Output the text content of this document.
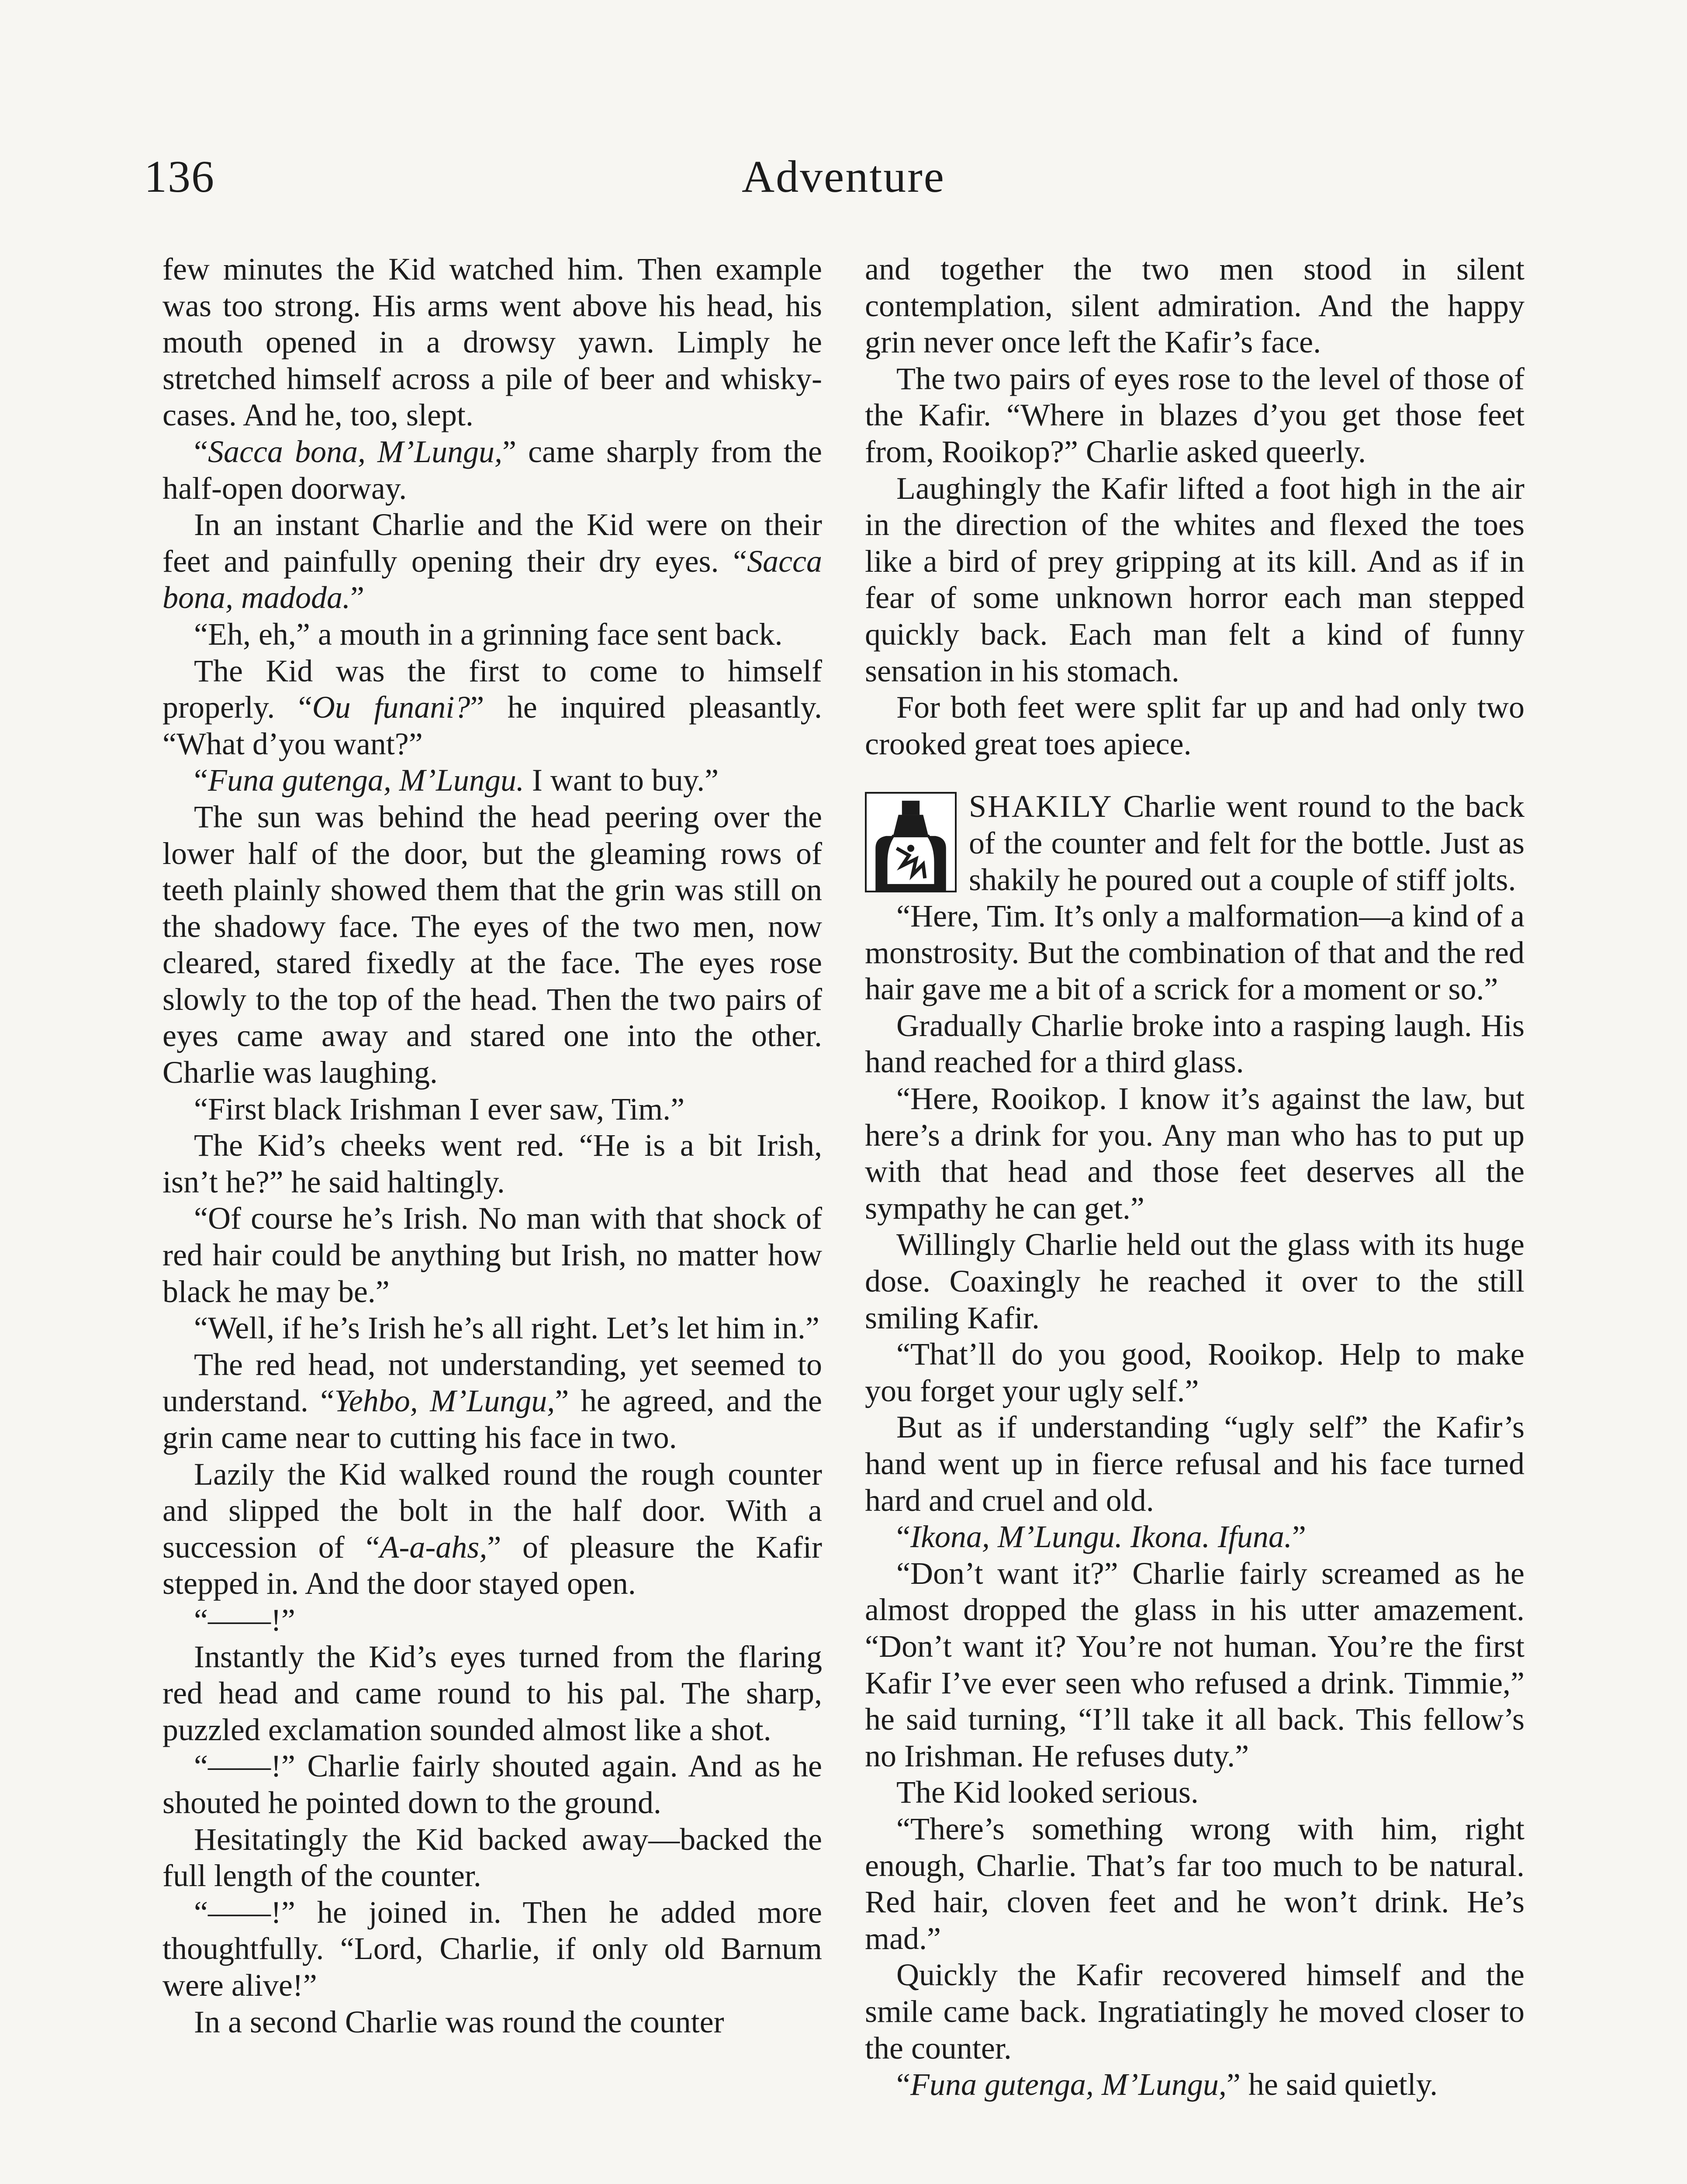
136	Adventure

few minutes the Kid watched him. Then example was too strong. His arms went above his head, his mouth opened in a drowsy yawn. Limply he stretched himself across a pile of beer and whisky-cases. And he, too, slept.

“Sacca bona, M’Lungu,” came sharply from the half-open doorway.

In an instant Charlie and the Kid were on their feet and painfully opening their dry eyes. “Sacca bona, madoda.”

“Eh, eh,” a mouth in a grinning face sent back.

The Kid was the first to come to himself properly. “Ou funani?” he inquired pleasantly. “What d’you want?”

“Funa gutenga, M’Lungu. I want to buy.”

The sun was behind the head peering over the lower half of the door, but the gleaming rows of teeth plainly showed them that the grin was still on the shadowy face. The eyes of the two men, now cleared, stared fixedly at the face. The eyes rose slowly to the top of the head. Then the two pairs of eyes came away and stared one into the other. Charlie was laughing.

“First black Irishman I ever saw, Tim.”

The Kid’s cheeks went red. “He is a bit Irish, isn’t he?” he said haltingly.

“Of course he’s Irish. No man with that shock of red hair could be anything but Irish, no matter how black he may be.”

“Well, if he’s Irish he’s all right. Let’s let him in.”

The red head, not understanding, yet seemed to understand. “Yehbo, M’Lungu,” he agreed, and the grin came near to cutting his face in two.

Lazily the Kid walked round the rough counter and slipped the bolt in the half door. With a succession of “A-a-ahs,” of pleasure the Kafir stepped in. And the door stayed open.

“——!”

Instantly the Kid’s eyes turned from the flaring red head and came round to his pal. The sharp, puzzled exclamation sounded almost like a shot.

“——!” Charlie fairly shouted again. And as he shouted he pointed down to the ground.

Hesitatingly the Kid backed away—backed the full length of the counter.

“——!” he joined in. Then he added more thoughtfully. “Lord, Charlie, if only old Barnum were alive!”

In a second Charlie was round the counter

and together the two men stood in silent contemplation, silent admiration. And the happy grin never once left the Kafir’s face.

The two pairs of eyes rose to the level of those of the Kafir. “Where in blazes d’you get those feet from, Rooikop?” Charlie asked queerly.

Laughingly the Kafir lifted a foot high in the air in the direction of the whites and flexed the toes like a bird of prey gripping at its kill. And as if in fear of some unknown horror each man stepped quickly back. Each man felt a kind of funny sensation in his stomach.

For both feet were split far up and had only two crooked great toes apiece.

SHAKILY Charlie went round to the back of the counter and felt for the bottle. Just as shakily he poured out a couple of stiff jolts.

“Here, Tim. It’s only a malformation—a kind of a monstrosity. But the combination of that and the red hair gave me a bit of a scrick for a moment or so.”

Gradually Charlie broke into a rasping laugh. His hand reached for a third glass.

“Here, Rooikop. I know it’s against the law, but here’s a drink for you. Any man who has to put up with that head and those feet deserves all the sympathy he can get.”

Willingly Charlie held out the glass with its huge dose. Coaxingly he reached it over to the still smiling Kafir.

“That’ll do you good, Rooikop. Help to make you forget your ugly self.”

But as if understanding “ugly self” the Kafir’s hand went up in fierce refusal and his face turned hard and cruel and old.

“Ikona, M’Lungu. Ikona. Ifuna.”

“Don’t want it?” Charlie fairly screamed as he almost dropped the glass in his utter amazement. “Don’t want it? You’re not human. You’re the first Kafir I’ve ever seen who refused a drink. Timmie,” he said turning, “I’ll take it all back. This fellow’s no Irishman. He refuses duty.”

The Kid looked serious.

“There’s something wrong with him, right enough, Charlie. That’s far too much to be natural. Red hair, cloven feet and he won’t drink. He’s mad.”

Quickly the Kafir recovered himself and the smile came back. Ingratiatingly he moved closer to the counter.

“Funa gutenga, M’Lungu,” he said quietly.
